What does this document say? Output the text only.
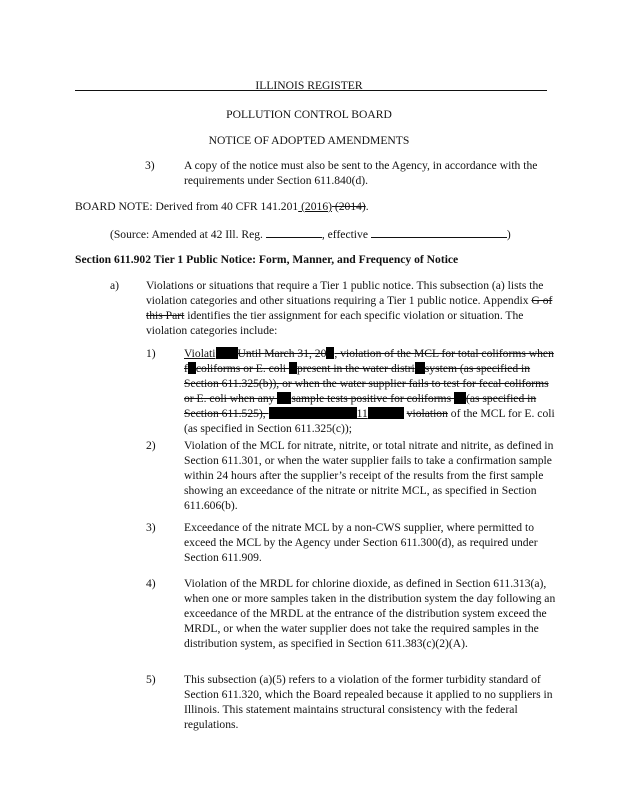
ILLINOIS REGISTER
POLLUTION CONTROL BOARD
NOTICE OF ADOPTED AMENDMENTS
3)	A copy of the notice must also be sent to the Agency, in accordance with the requirements under Section 611.840(d).
BOARD NOTE: Derived from 40 CFR 141.201 (2016) (2014).
(Source: Amended at 42 Ill. Reg.	, effective	)
Section 611.902 Tier 1 Public Notice: Form, Manner, and Frequency of Notice
a) Violations or situations that require a Tier 1 public notice. This subsection (a) lists the violation categories and other situations requiring a Tier 1 public notice. Appendix G of this Part identifies the tier assignment for each specific violation or situation. The violation categories include:
1) Violati Until March 31, 20 , violation of the MCL for total coliforms when f coliforms or E. coli present in the water distri system (as specified in Section 611.325(b)), or when the water supplier fails to test for fecal coliforms or E. coli when any sample tests positive for coliforms (as specified in Section 611.525),	11	violation of the MCL for E. coli (as specified in Section 611.325(c));
2) Violation of the MCL for nitrate, nitrite, or total nitrate and nitrite, as defined in Section 611.301, or when the water supplier fails to take a confirmation sample within 24 hours after the supplier’s receipt of the results from the first sample showing an exceedance of the nitrate or nitrite MCL, as specified in Section 611.606(b).
3) Exceedance of the nitrate MCL by a non-CWS supplier, where permitted to exceed the MCL by the Agency under Section 611.300(d), as required under Section 611.909.
4) Violation of the MRDL for chlorine dioxide, as defined in Section 611.313(a), when one or more samples taken in the distribution system the day following an exceedance of the MRDL at the entrance of the distribution system exceed the MRDL, or when the water supplier does not take the required samples in the distribution system, as specified in Section 611.383(c)(2)(A).
5) This subsection (a)(5) refers to a violation of the former turbidity standard of Section 611.320, which the Board repealed because it applied to no suppliers in Illinois. This statement maintains structural consistency with the federal regulations.
